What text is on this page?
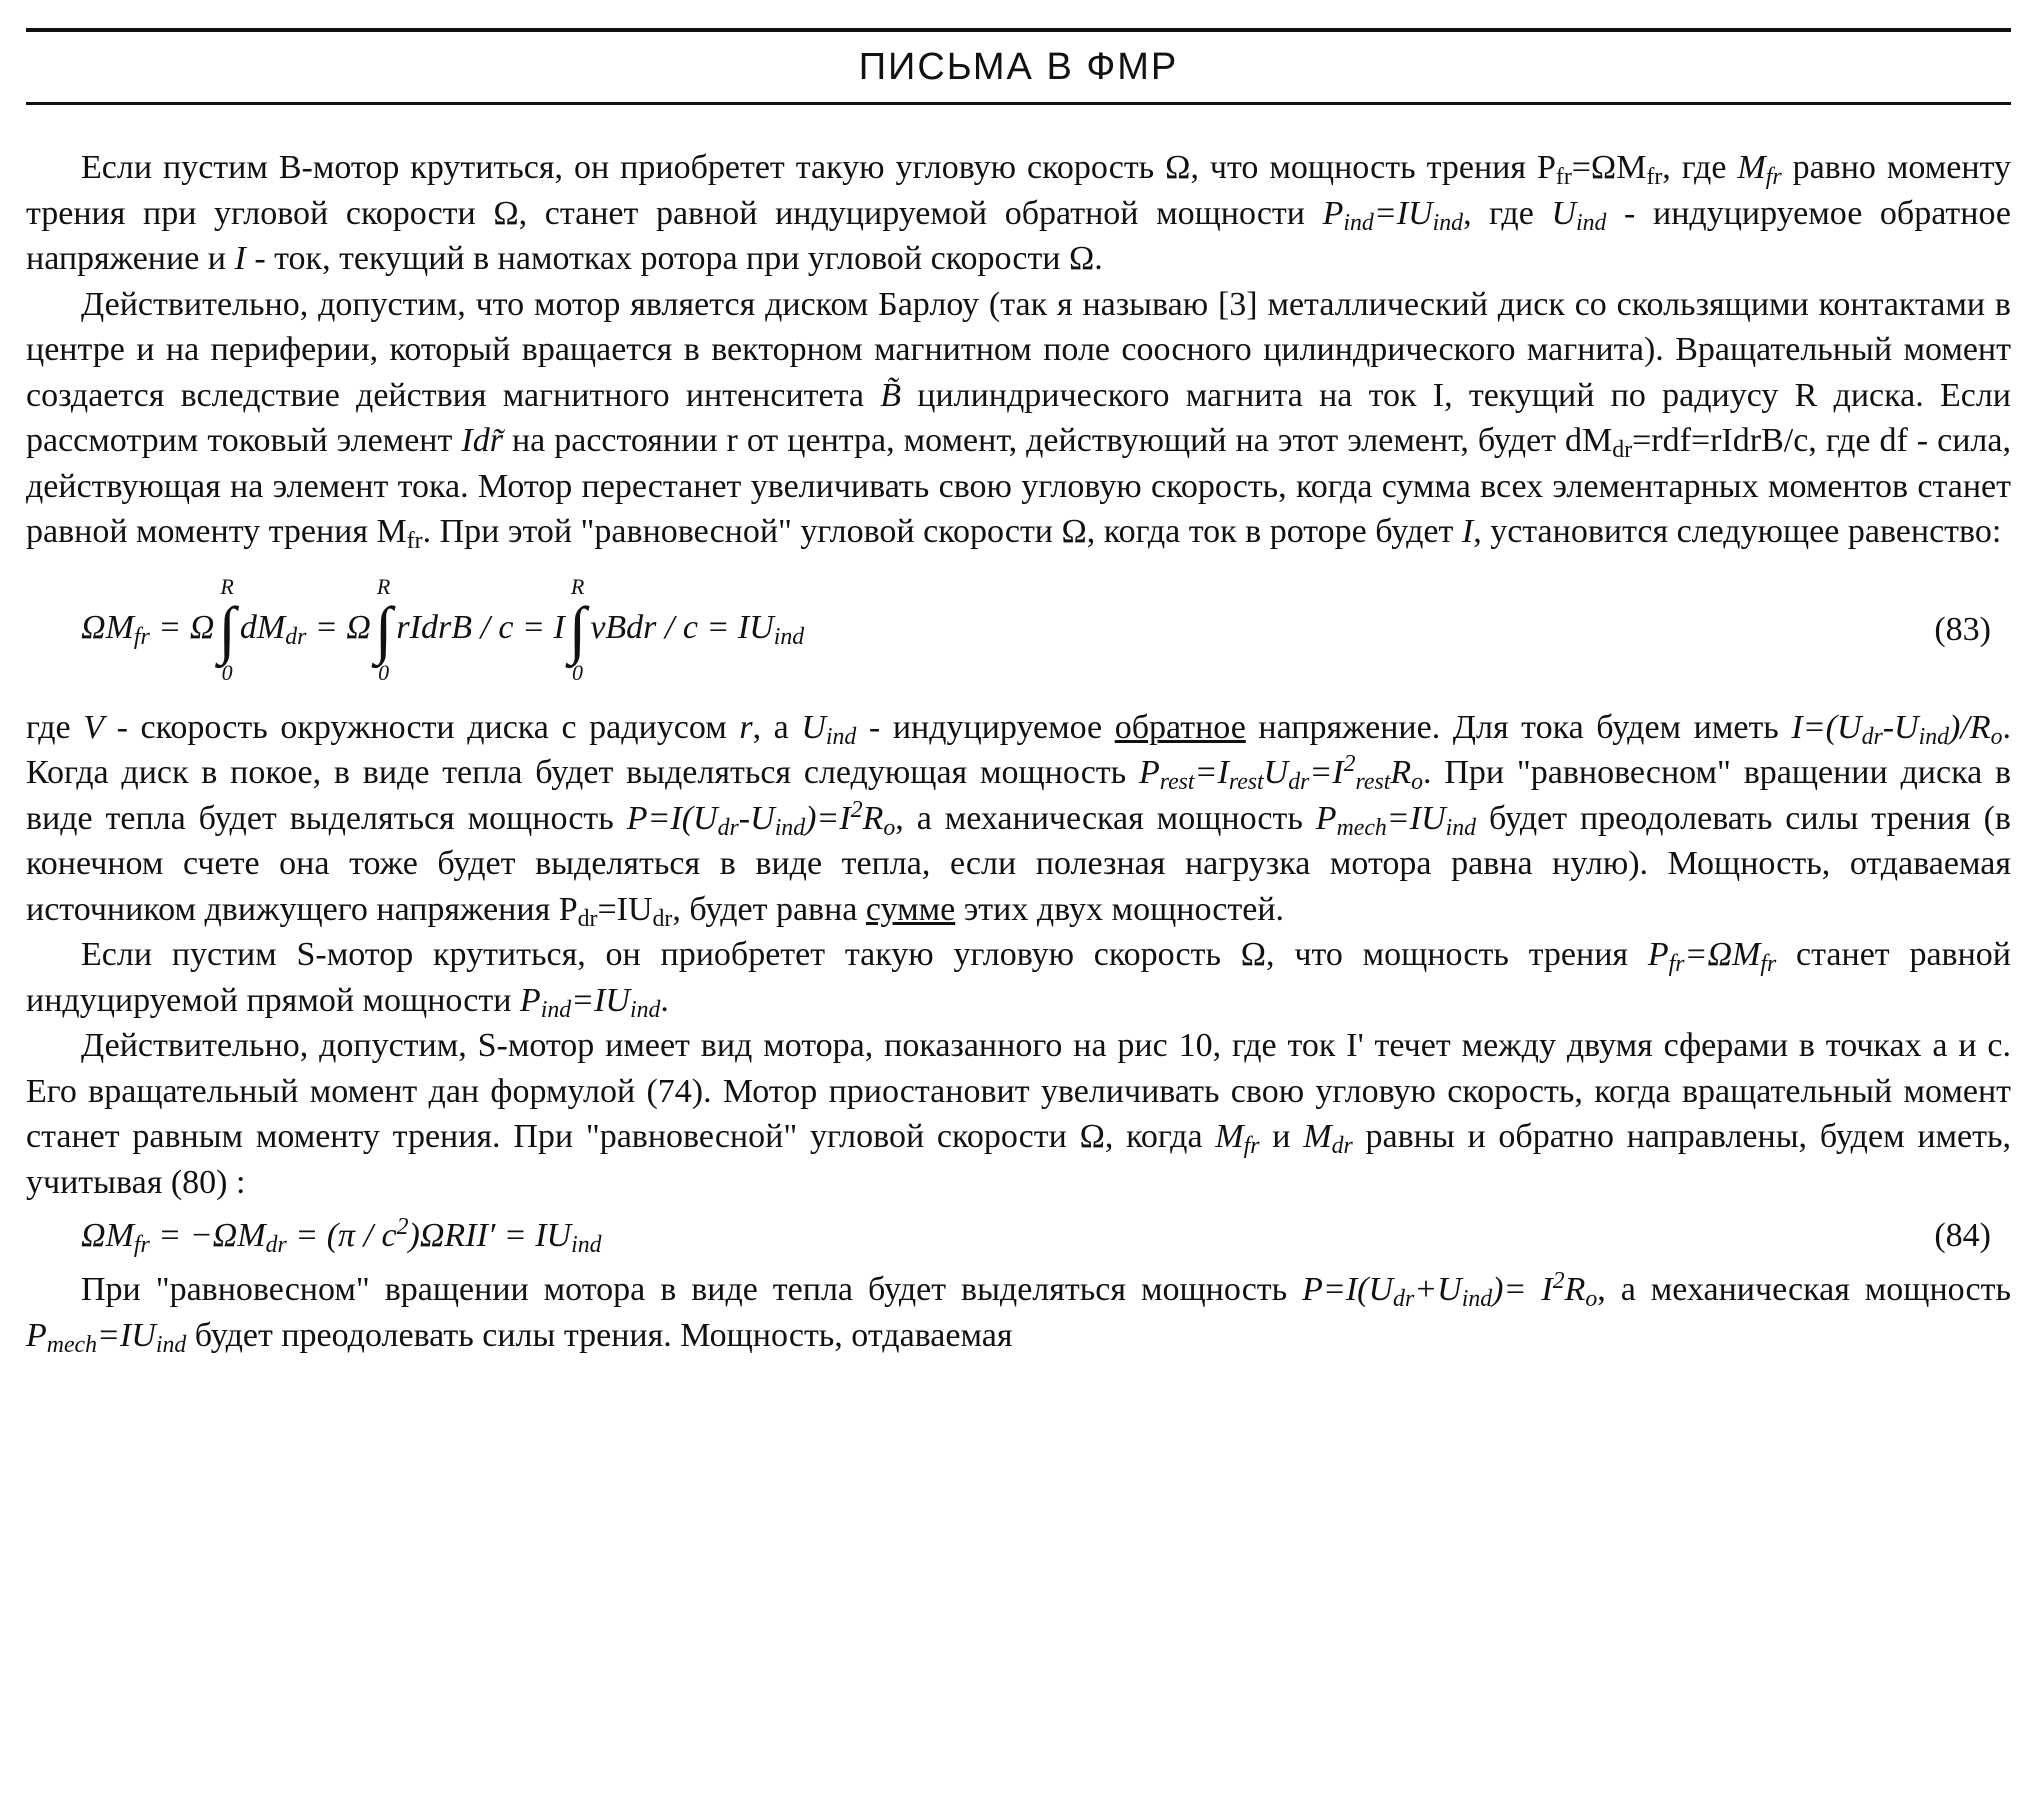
ПИСЬМА В ФМР

Если пустим В-мотор крутиться, он приобретет такую угловую скорость Ω, что мощность трения $P_{fr}=\Omega M_{fr}$, где $M_{fr}$ равно моменту трения при угловой скорости Ω, станет равной индуцируемой обратной мощности $P_{ind}=IU_{ind}$, где $U_{ind}$ - индуцируемое обратное напряжение и I - ток, текущий в намотках ротора при угловой скорости Ω.

Действительно, допустим, что мотор является диском Барлоу (так я называю [3] металлический диск со скользящими контактами в центре и на периферии, который вращается в векторном магнитном поле соосного цилиндрического магнита). Вращательный момент создается вследствие действия магнитного интенситета B̃ цилиндрического магнита на ток I, текущий по радиусу R диска. Если рассмотрим токовый элемент Idr̃ на расстоянии r от центра, момент, действующий на этот элемент, будет $dM_{dr}=rdf=rIdrB/c$, где df - сила, действующая на элемент тока. Мотор перестанет увеличивать свою угловую скорость, когда сумма всех элементарных моментов станет равной моменту трения $M_{fr}$. При этой "равновесной" угловой скорости Ω, когда ток в роторе будет I, установится следующее равенство:

$\Omega M_{fr} = \Omega$
R
∫
0
$dM_{dr} = \Omega$
R
∫
0
rIdrB / c = I
R
∫
0
vBdr / $c = IU_{ind}$	(83)

где V - скорость окружности диска с радиусом r, а $U_{ind}$ - индуцируемое обратное напряжение. Для тока будем иметь $I=(U_{dr}-U_{ind})/R_o$. Когда диск в покое, в виде тепла будет выделяться следующая мощность $P_{rest}=I_{rest}U_{dr}=I^2_{rest}R_o$. При "равновесном" вращении диска в виде тепла будет выделяться мощность $P=I(U_{dr}-U_{ind})=I^2R_o$, а механическая мощность $P_{mech}=IU_{ind}$ будет преодолевать силы трения (в конечном счете она тоже будет выделяться в виде тепла, если полезная нагрузка мотора равна нулю). Мощность, отдаваемая источником движущего напряжения $P_{dr}=IU_{dr}$, будет равна сумме этих двух мощностей.

Если пустим S-мотор крутиться, он приобретет такую угловую скорость Ω, что мощность трения $P_{fr}=\Omega M_{fr}$ станет равной индуцируемой прямой мощности $P_{ind}=IU_{ind}$.

Действительно, допустим, S-мотор имеет вид мотора, показанного на рис 10, где ток I' течет между двумя сферами в точках a и c. Его вращательный момент дан формулой (74). Мотор приостановит увеличивать свою угловую скорость, когда вращательный момент станет равным моменту трения. При "равновесной" угловой скорости Ω, когда $M_{fr}$ и $M_{dr}$ равны и обратно направлены, будем иметь, учитывая (80) :

$\Omega M_{fr} = -\Omega M_{dr} = (\pi / c^2)\Omega RII' = IU_{ind}$	(84)

При "равновесном" вращении мотора в виде тепла будет выделяться мощность $P=I(U_{dr}+U_{ind})= I^2R_o$, а механическая мощность $P_{mech}=IU_{ind}$ будет преодолевать силы трения. Мощность, отдаваемая
